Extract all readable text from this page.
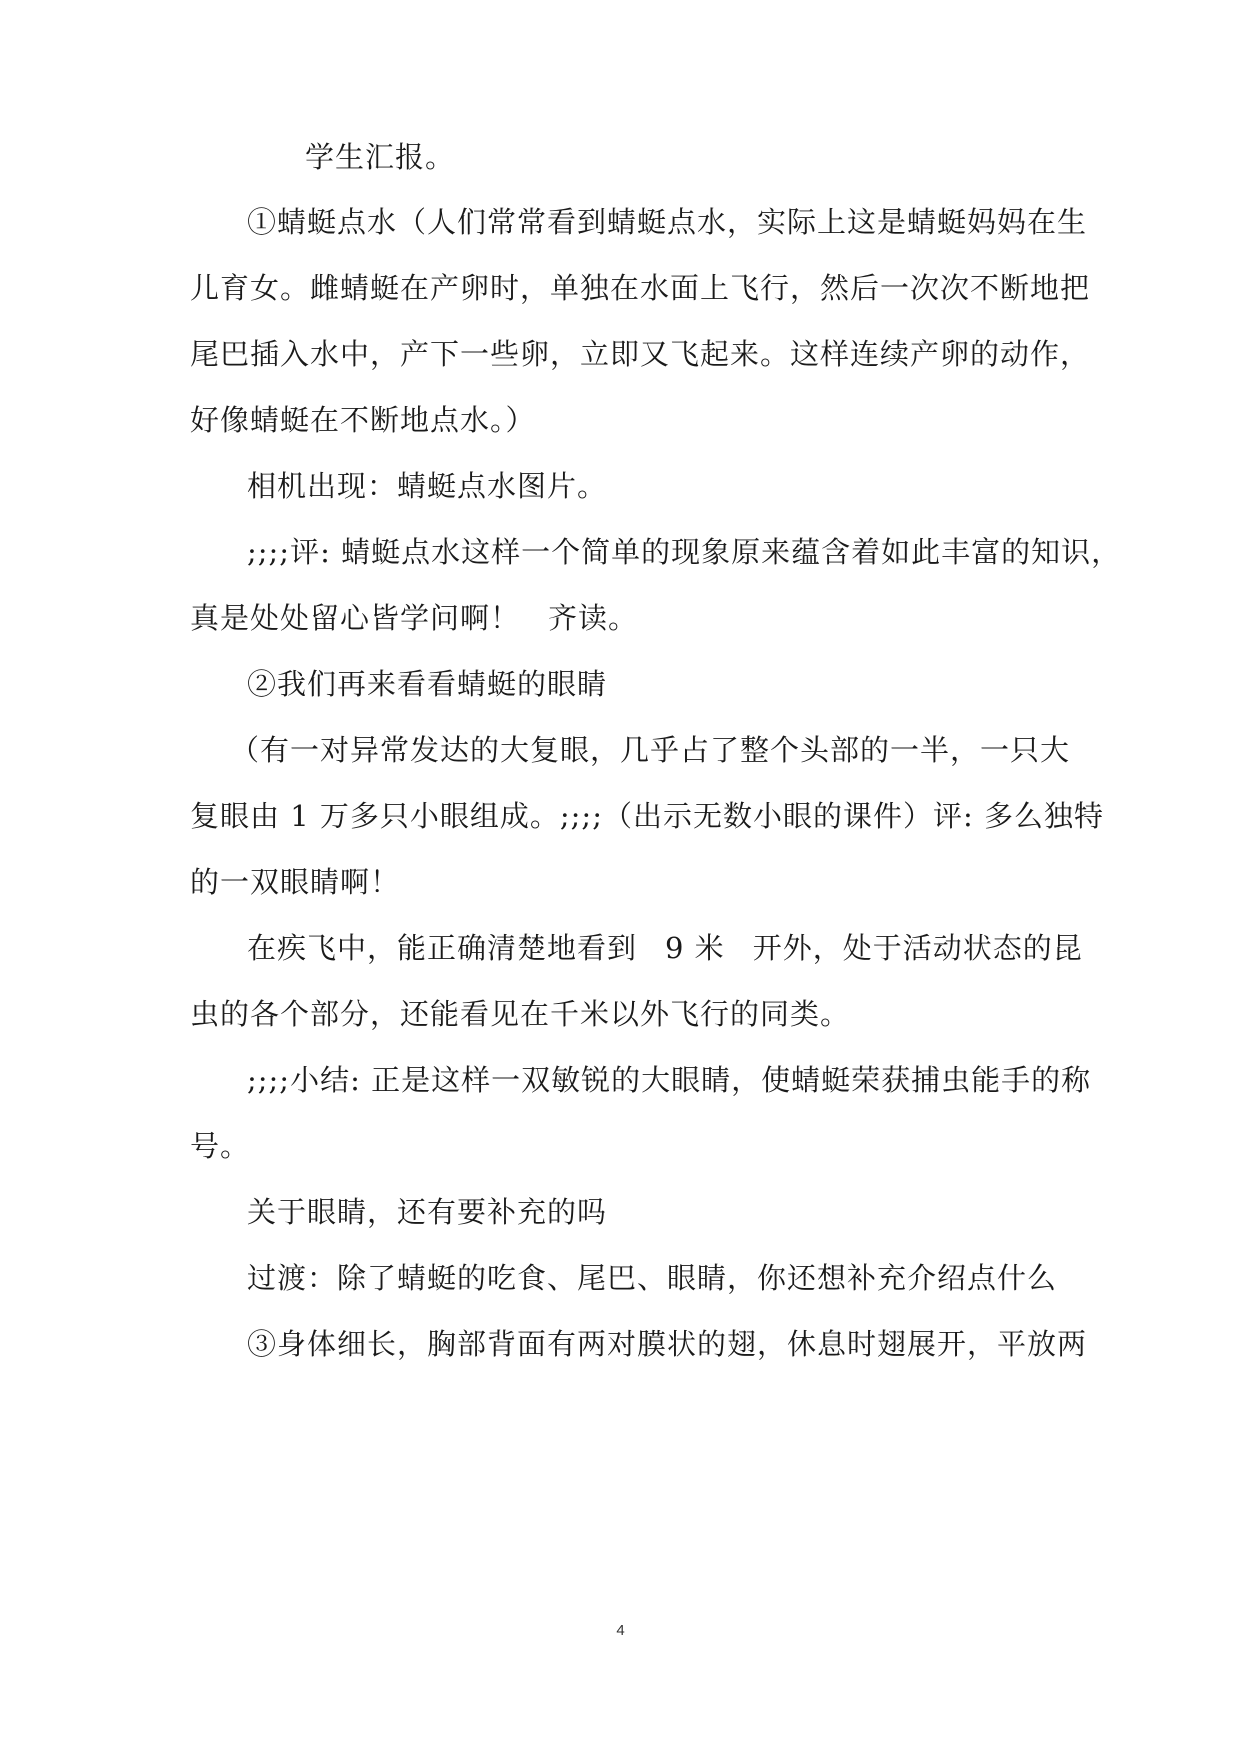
学生汇报。

①蜻蜓点水（人们常常看到蜻蜓点水，实际上这是蜻蜓妈妈在生

儿育女。雌蜻蜓在产卵时，单独在水面上飞行，然后一次次不断地把

尾巴插入水中，产下一些卵，立即又飞起来。这样连续产卵的动作，

好像蜻蜓在不断地点水。）

相机出现：蜻蜓点水图片。

;;;;评: 蜻蜓点水这样一个简单的现象原来蕴含着如此丰富的知识，

真是处处留心皆学问啊！ 齐读。

②我们再来看看蜻蜓的眼睛

（有一对异常发达的大复眼，几乎占了整个头部的一半，一只大

复眼由 1 万多只小眼组成。;;;;（出示无数小眼的课件）评: 多么独特

的一双眼睛啊！

在疾飞中，能正确清楚地看到 9 米 开外，处于活动状态的昆

虫的各个部分，还能看见在千米以外飞行的同类。

;;;;小结: 正是这样一双敏锐的大眼睛，使蜻蜓荣获捕虫能手的称

号。

关于眼睛，还有要补充的吗

过渡：除了蜻蜓的吃食、尾巴、眼睛，你还想补充介绍点什么

③身体细长，胸部背面有两对膜状的翅，休息时翅展开，平放两

4
